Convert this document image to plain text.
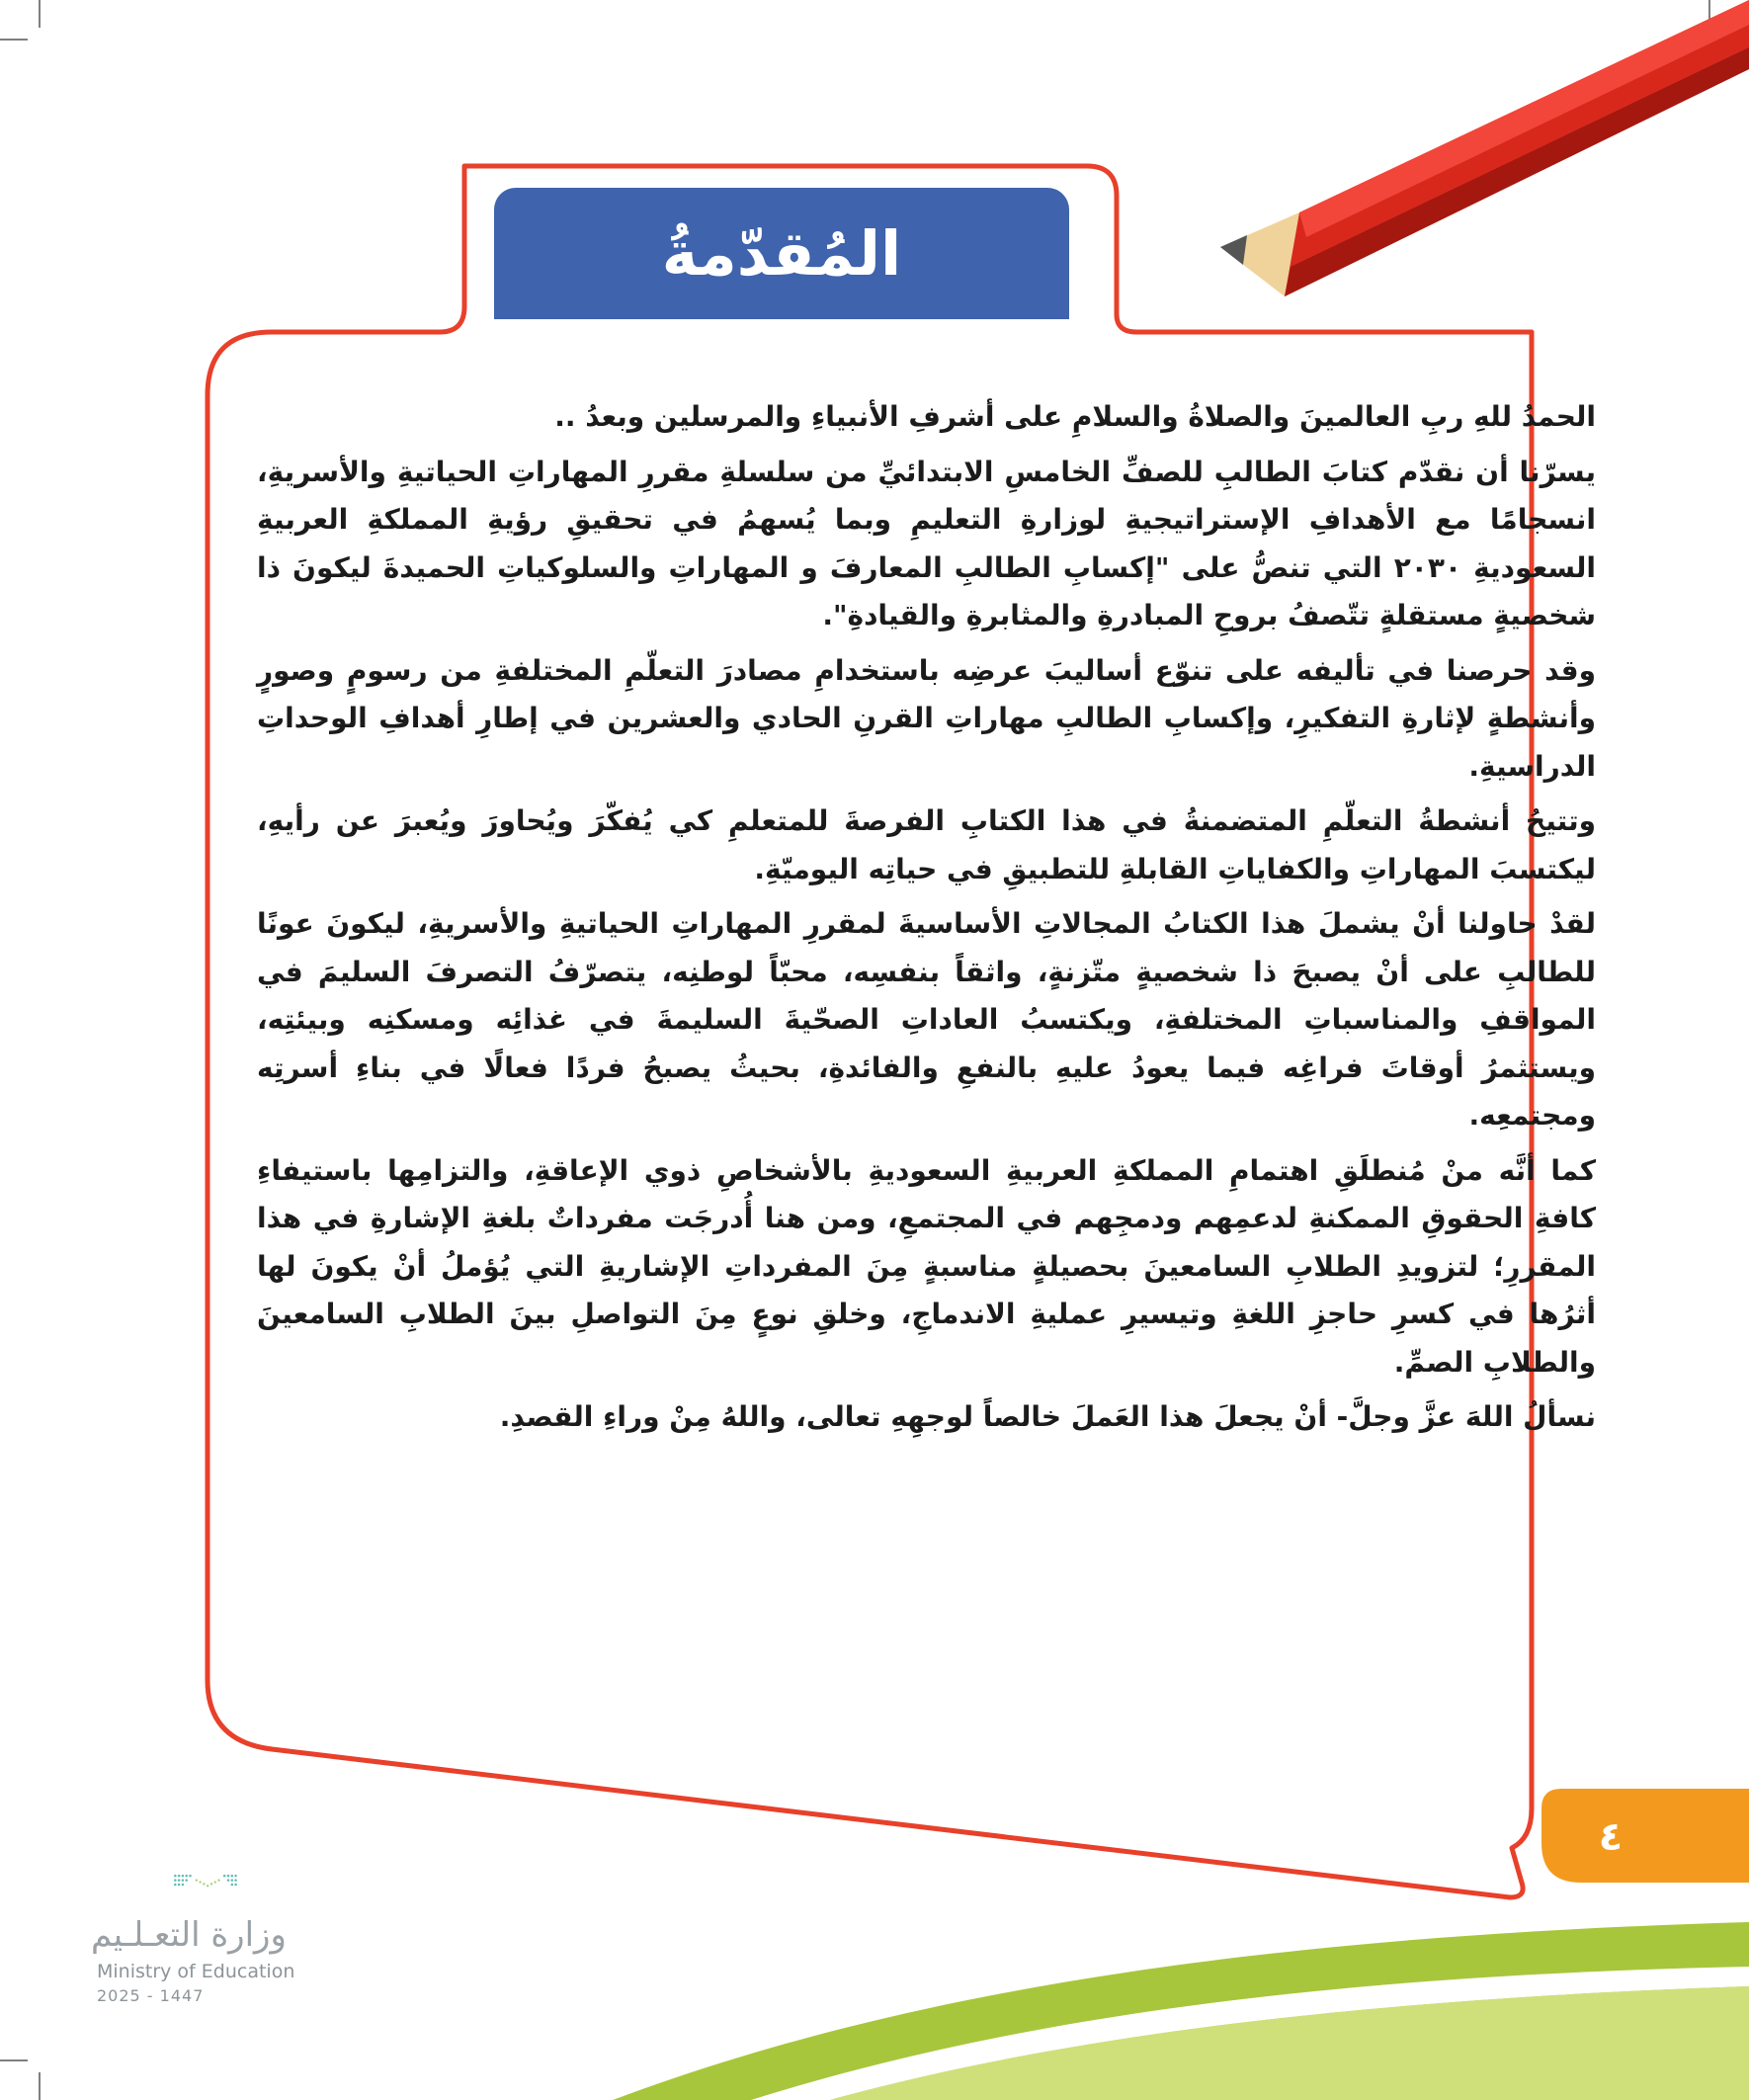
المُقدّمةُ

الحمدُ للهِ ربِ العالمينَ والصلاةُ والسلامِ على أشرفِ الأنبياءِ والمرسلين وبعدُ ..

يسرّنا أن نقدّم كتابَ الطالبِ للصفِّ الخامسِ الابتدائيِّ من سلسلةِ مقررِ المهاراتِ الحياتيةِ والأسريةِ، انسجامًا مع الأهدافِ الإستراتيجيةِ لوزارةِ التعليمِ وبما يُسهمُ في تحقيقِ رؤيةِ المملكةِ العربيةِ السعوديةِ ٢٠٣٠ التي تنصُّ على "إكسابِ الطالبِ المعارفَ و المهاراتِ والسلوكياتِ الحميدةَ ليكونَ ذا شخصيةٍ مستقلةٍ تتّصفُ بروحِ المبادرةِ والمثابرةِ والقيادةِ".

وقد حرصنا في تأليفه على تنوّع أساليبَ عرضِه باستخدامِ مصادرَ التعلّمِ المختلفةِ من رسومٍ وصورٍ وأنشطةٍ لإثارةِ التفكيرِ، وإكسابِ الطالبِ مهاراتِ القرنِ الحادي والعشرين في إطارِ أهدافِ الوحداتِ الدراسيةِ.

وتتيحُ أنشطةُ التعلّمِ المتضمنةُ في هذا الكتابِ الفرصةَ للمتعلمِ كي يُفكّرَ ويُحاورَ ويُعبرَ عن رأيهِ، ليكتسبَ المهاراتِ والكفاياتِ القابلةِ للتطبيقِ في حياتِه اليوميّةِ.

لقدْ حاولنا أنْ يشملَ هذا الكتابُ المجالاتِ الأساسيةَ لمقررِ المهاراتِ الحياتيةِ والأسريةِ، ليكونَ عونًا للطالبِ على أنْ يصبحَ ذا شخصيةٍ متّزنةٍ، واثقاً بنفسِه، محبّاً لوطنِه، يتصرّفُ التصرفَ السليمَ في المواقفِ والمناسباتِ المختلفةِ، ويكتسبُ العاداتِ الصحّيةَ السليمةَ في غذائِه ومسكنِه وبيئتِه، ويستثمرُ أوقاتَ فراغِه فيما يعودُ عليهِ بالنفعِ والفائدةِ، بحيثُ يصبحُ فردًا فعالًا في بناءِ أسرتِه ومجتمعِه.

كما أنَّه منْ مُنطلَقِ اهتمامِ المملكةِ العربيةِ السعوديةِ بالأشخاصِ ذوي الإعاقةِ، والتزامِها باستيفاءِ كافةِ الحقوقِ الممكنةِ لدعمِهم ودمجِهم في المجتمعِ، ومن هنا أُدرجَت مفرداتٌ بلغةِ الإشارةِ في هذا المقررِ؛ لتزويدِ الطلابِ السامعينَ بحصيلةٍ مناسبةٍ مِنَ المفرداتِ الإشاريةِ التي يُؤملُ أنْ يكونَ لها أثرُها في كسرِ حاجزِ اللغةِ وتيسيرِ عمليةِ الاندماجِ، وخلقِ نوعٍ مِنَ التواصلِ بينَ الطلابِ السامعينَ والطلابِ الصمِّ.

نسألُ اللهَ عزَّ وجلَّ- أنْ يجعلَ هذا العَملَ خالصاً لوجهِهِ تعالى، واللهُ مِنْ وراءِ القصدِ.

٤
وزارة التعـلـيم
Ministry of Education
2025 - 1447
